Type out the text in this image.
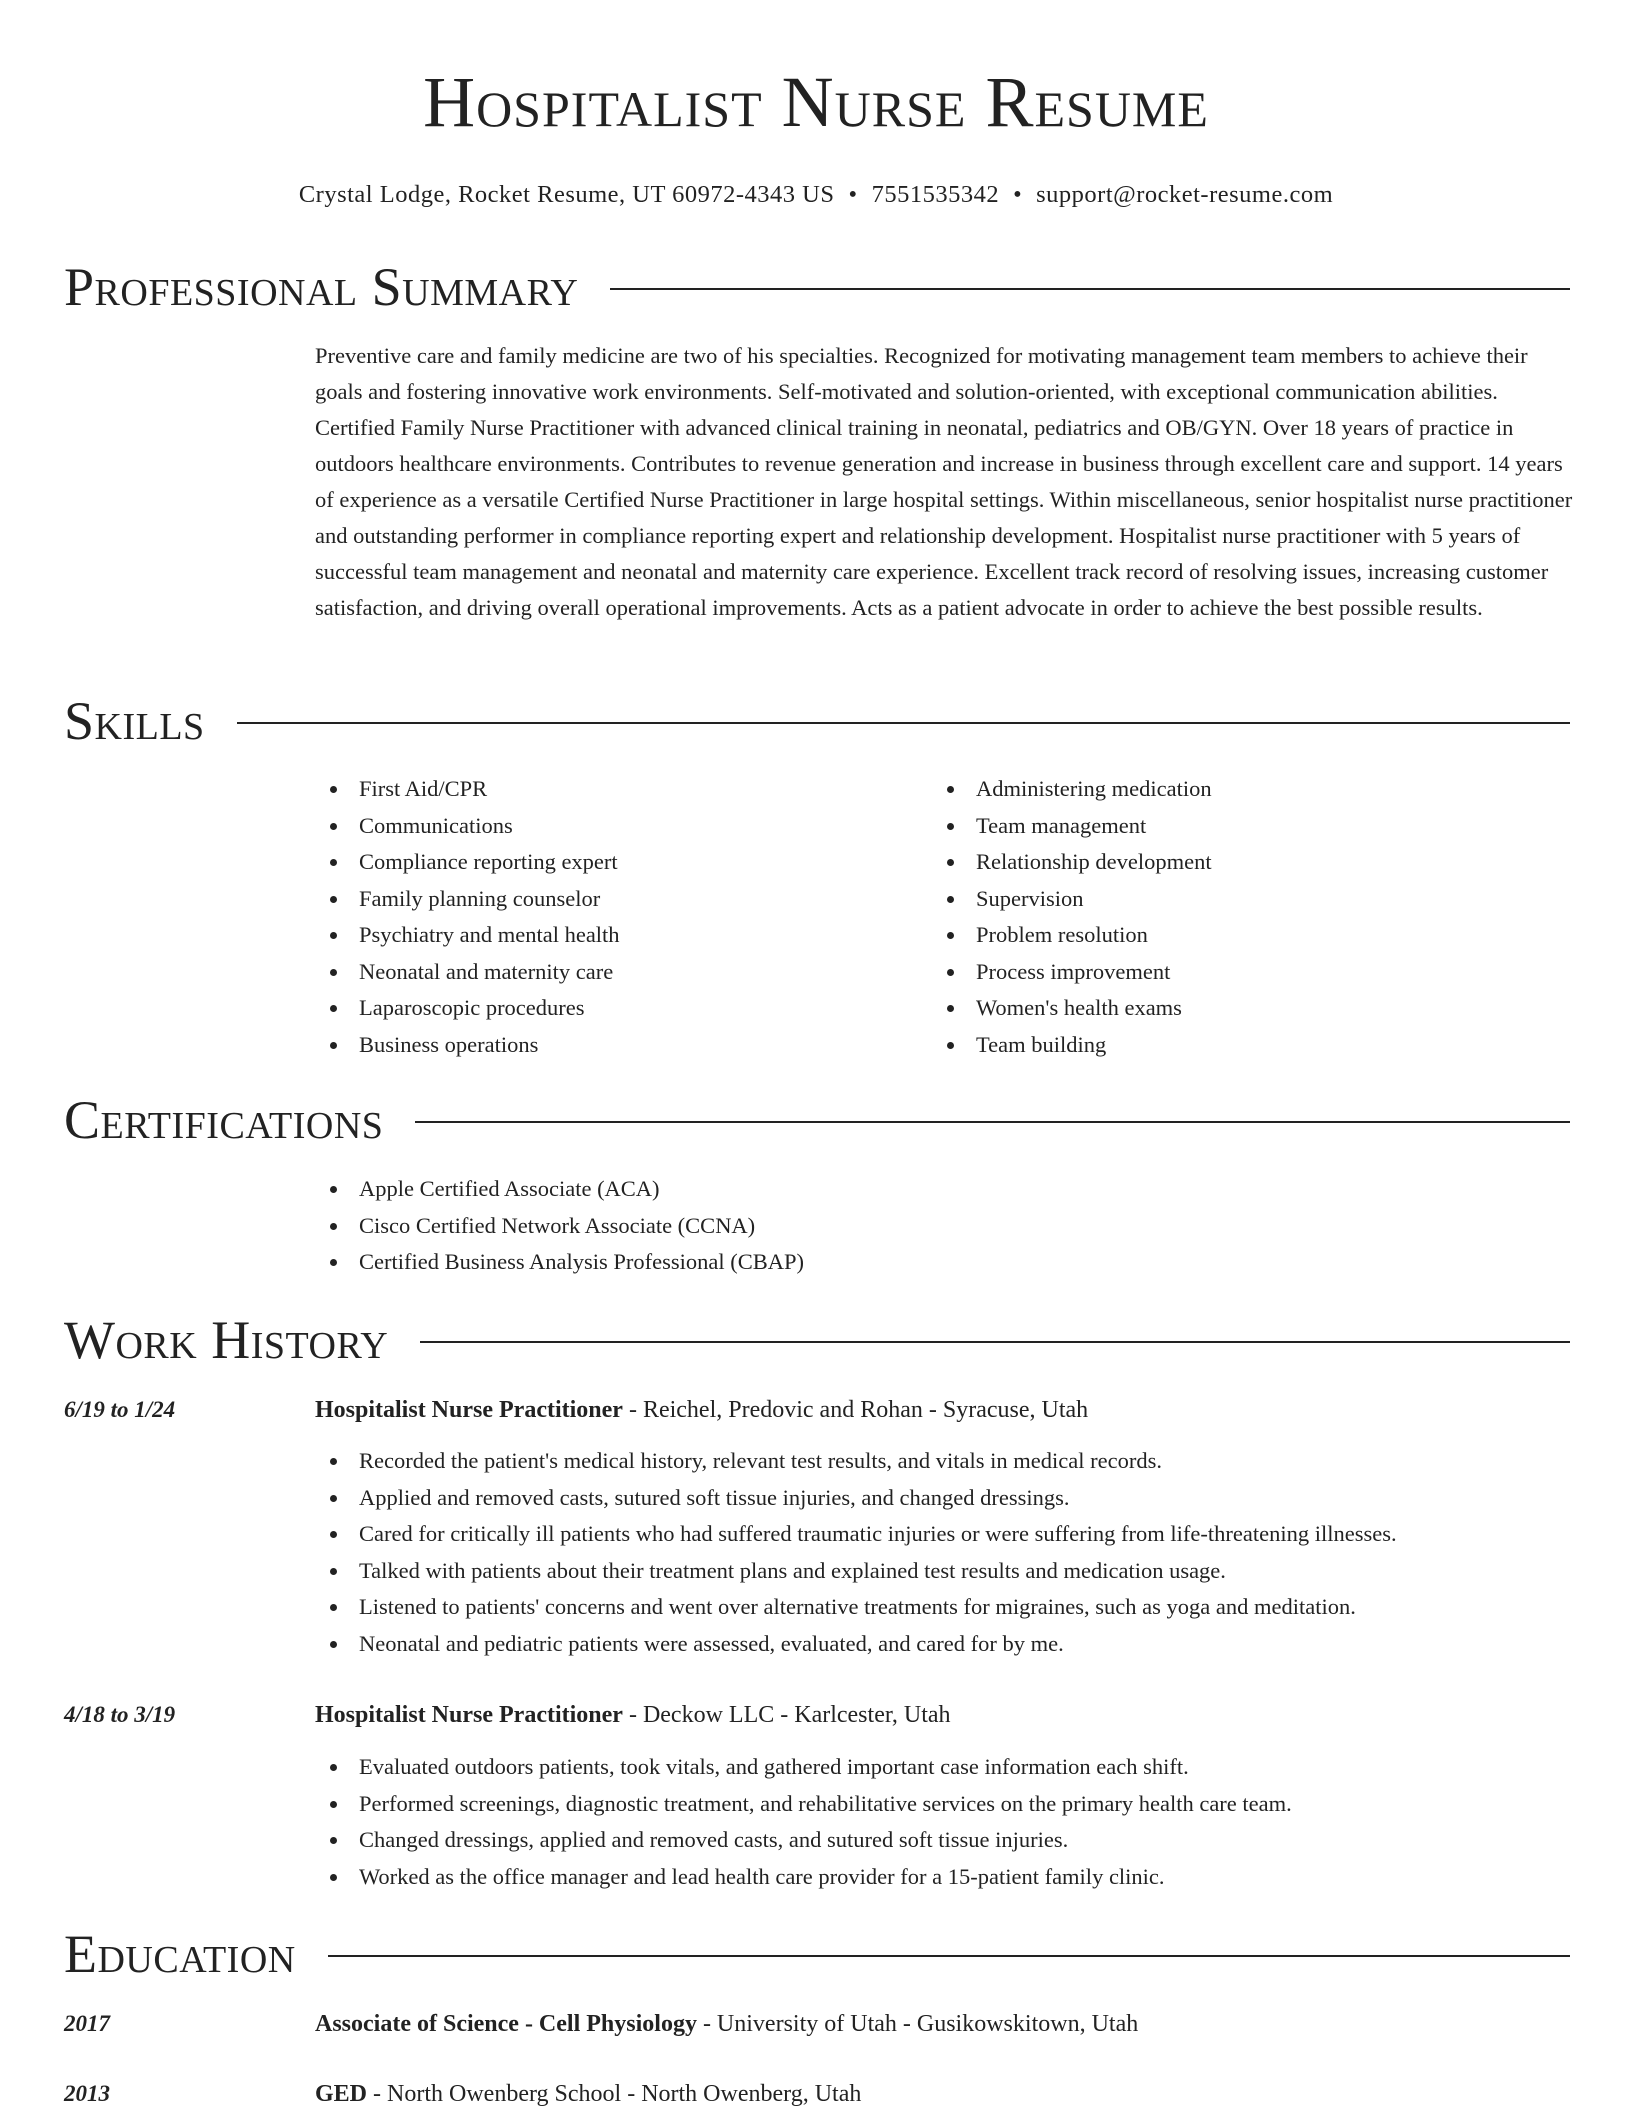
Hospitalist Nurse Resume
Crystal Lodge, Rocket Resume, UT 60972-4343 US • 7551535342 • support@rocket-resume.com
Professional Summary

Preventive care and family medicine are two of his specialties. Recognized for motivating management team members to achieve their goals and fostering innovative work environments. Self-motivated and solution-oriented, with exceptional communication abilities. Certified Family Nurse Practitioner with advanced clinical training in neonatal, pediatrics and OB/GYN. Over 18 years of practice in outdoors healthcare environments. Contributes to revenue generation and increase in business through excellent care and support. 14 years of experience as a versatile Certified Nurse Practitioner in large hospital settings. Within miscellaneous, senior hospitalist nurse practitioner and outstanding performer in compliance reporting expert and relationship development. Hospitalist nurse practitioner with 5 years of successful team management and neonatal and maternity care experience. Excellent track record of resolving issues, increasing customer satisfaction, and driving overall operational improvements. Acts as a patient advocate in order to achieve the best possible results.

Skills
First Aid/CPR
Communications
Compliance reporting expert
Family planning counselor
Psychiatry and mental health
Neonatal and maternity care
Laparoscopic procedures
Business operations
Administering medication
Team management
Relationship development
Supervision
Problem resolution
Process improvement
Women's health exams
Team building
Certifications
Apple Certified Associate (ACA)
Cisco Certified Network Associate (CCNA)
Certified Business Analysis Professional (CBAP)
Work History
6/19 to 1/24	Hospitalist Nurse Practitioner - Reichel, Predovic and Rohan - Syracuse, Utah
Recorded the patient's medical history, relevant test results, and vitals in medical records.
Applied and removed casts, sutured soft tissue injuries, and changed dressings.
Cared for critically ill patients who had suffered traumatic injuries or were suffering from life-threatening illnesses.
Talked with patients about their treatment plans and explained test results and medication usage.
Listened to patients' concerns and went over alternative treatments for migraines, such as yoga and meditation.
Neonatal and pediatric patients were assessed, evaluated, and cared for by me.
4/18 to 3/19	Hospitalist Nurse Practitioner - Deckow LLC - Karlcester, Utah
Evaluated outdoors patients, took vitals, and gathered important case information each shift.
Performed screenings, diagnostic treatment, and rehabilitative services on the primary health care team.
Changed dressings, applied and removed casts, and sutured soft tissue injuries.
Worked as the office manager and lead health care provider for a 15-patient family clinic.
Education
2017	Associate of Science - Cell Physiology - University of Utah - Gusikowskitown, Utah
2013	GED - North Owenberg School - North Owenberg, Utah
